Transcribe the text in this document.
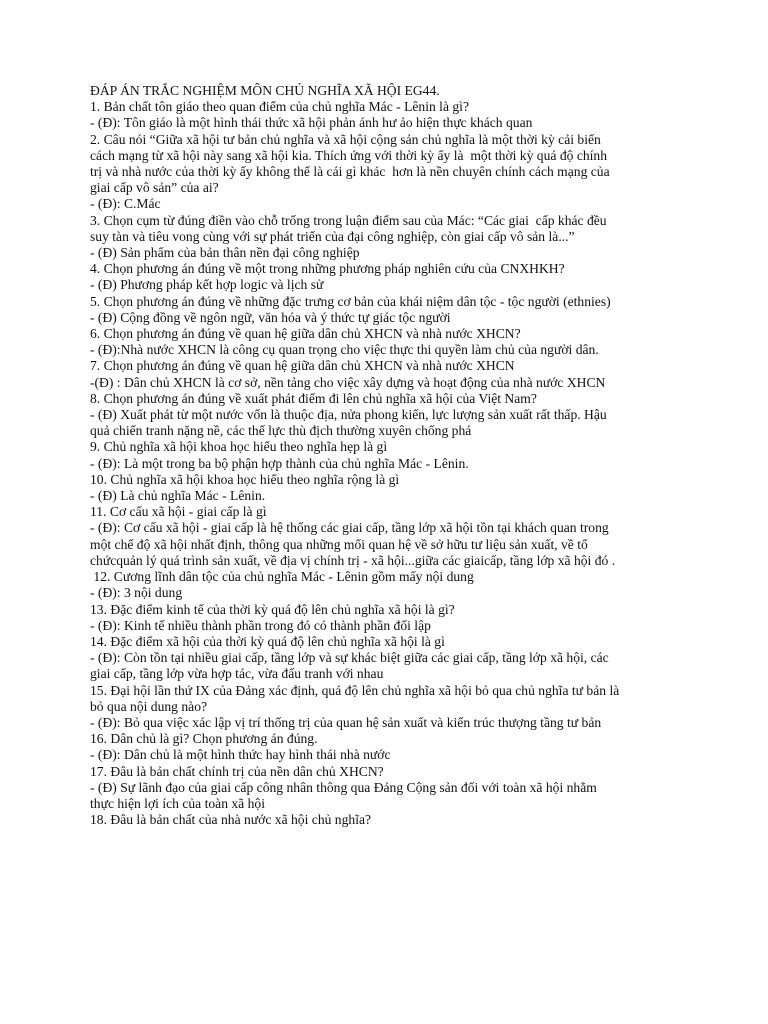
ĐÁP ÁN TRẮC NGHIỆM MÔN CHỦ NGHĨA XÃ HỘI EG44.
1. Bản chất tôn giáo theo quan điểm của chủ nghĩa Mác - Lênin là gì?
- (Đ): Tôn giáo là một hình thái thức xã hội phản ánh hư ảo hiện thực khách quan
2. Câu nói “Giữa xã hội tư bản chủ nghĩa và xã hội cộng sản chủ nghĩa là một thời kỳ cải biến
cách mạng từ xã hội này sang xã hội kia. Thích ứng với thời kỳ ấy là  một thời kỳ quá độ chính
trị và nhà nước của thời kỳ ấy không thể là cái gì khác  hơn là nền chuyên chính cách mạng của
giai cấp vô sản” của ai?
- (Đ): C.Mác
3. Chọn cụm từ đúng điền vào chỗ trống trong luận điểm sau của Mác: “Các giai  cấp khác đều
suy tàn và tiêu vong cùng với sự phát triển của đại công nghiệp, còn giai cấp vô sản là...”
- (Đ) Sản phẩm của bản thân nền đại công nghiệp
4. Chọn phương án đúng về một trong những phương pháp nghiên cứu của CNXHKH?
- (Đ) Phương pháp kết hợp logic và lịch sử
5. Chọn phương án đúng về những đặc trưng cơ bản của khái niệm dân tộc - tộc người (ethnies)
- (Đ) Cộng đồng về ngôn ngữ, văn hóa và ý thức tự giác tộc người
6. Chọn phương án đúng về quan hệ giữa dân chủ XHCN và nhà nước XHCN?
- (Đ):Nhà nước XHCN là công cụ quan trọng cho việc thực thi quyền làm chủ của người dân.
7. Chọn phương án đúng về quan hệ giữa dân chủ XHCN và nhà nước XHCN
-(Đ) : Dân chủ XHCN là cơ sở, nền tảng cho việc xây dựng và hoạt động của nhà nước XHCN
8. Chọn phương án đúng về xuất phát điểm đi lên chủ nghĩa xã hội của Việt Nam?
- (Đ) Xuất phát từ một nước vốn là thuộc địa, nửa phong kiến, lực lượng sản xuất rất thấp. Hậu
quả chiến tranh nặng nề, các thế lực thù địch thường xuyên chống phá
9. Chủ nghĩa xã hội khoa học hiểu theo nghĩa hẹp là gì
- (Đ): Là một trong ba bộ phận hợp thành của chủ nghĩa Mác - Lênin.
10. Chủ nghĩa xã hội khoa học hiểu theo nghĩa rộng là gì
- (Đ) Là chủ nghĩa Mác - Lênin.
11. Cơ cấu xã hội - giai cấp là gì
- (Đ): Cơ cấu xã hội - giai cấp là hệ thống các giai cấp, tầng lớp xã hội tồn tại khách quan trong
một chế độ xã hội nhất định, thông qua những mối quan hệ về sở hữu tư liệu sản xuất, về tổ
chứcquản lý quá trình sản xuất, về địa vị chính trị - xã hội...giữa các giaicấp, tầng lớp xã hội đó .
12. Cương lĩnh dân tộc của chủ nghĩa Mác - Lênin gồm mấy nội dung
- (Đ): 3 nội dung
13. Đặc điểm kinh tế của thời kỳ quá độ lên chủ nghĩa xã hội là gì?
- (Đ): Kinh tế nhiều thành phần trong đó có thành phần đối lập
14. Đặc điểm xã hội của thời kỳ quá độ lên chủ nghĩa xã hội là gì
- (Đ): Còn tồn tại nhiều giai cấp, tầng lớp và sự khác biệt giữa các giai cấp, tầng lớp xã hội, các
giai cấp, tầng lớp vừa hợp tác, vừa đấu tranh với nhau
15. Đại hội lần thứ IX của Đảng xác định, quá độ lên chủ nghĩa xã hội bỏ qua chủ nghĩa tư bản là
bỏ qua nội dung nào?
- (Đ): Bỏ qua việc xác lập vị trí thống trị của quan hệ sản xuất và kiến trúc thượng tầng tư bản
16. Dân chủ là gì? Chọn phương án đúng.
- (Đ): Dân chủ là một hình thức hay hình thái nhà nước
17. Đâu là bản chất chính trị của nền dân chủ XHCN?
- (Đ) Sự lãnh đạo của giai cấp công nhân thông qua Đảng Cộng sản đối với toàn xã hội nhằm
thực hiện lợi ích của toàn xã hội
18. Đâu là bản chất của nhà nước xã hội chủ nghĩa?
